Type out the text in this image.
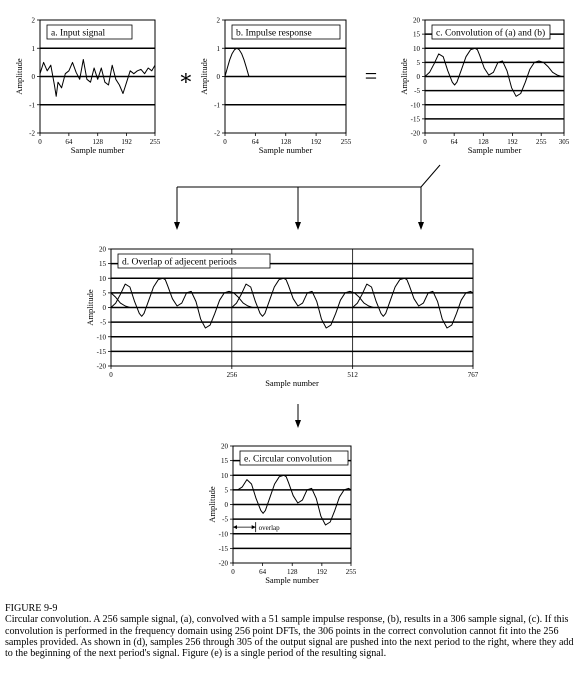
-2
-1
0
1
2
0	64	128	192	255
Sample number
Amplitude
a. Input signal
-2
-1
0
1
2
0	64	128	192	255
Sample number
Amplitude
b. Impulse response
-20
-15
-10
-5
0
5
10
15
20
0	64	128	192	255 305
Sample number
Amplitude
c. Convolution of (a) and (b)
-20
-15
-10
-5
0
5
10
15
20
0	256	512	767
Sample number
Amplitude
d. Overlap of adjecent periods
-20
-15
-10
-5
0
5
10
15
20
0	64	128	192	255
Sample number
Amplitude
e. Circular convolution
overlap
∗	=
FIGURE 9-9
Circular convolution. A 256 sample signal, (a), convolved with a 51 sample impulse response, (b), results in a 306 sample signal, (c). If this convolution is performed in the frequency domain using 256 point DFTs, the 306 points in the correct convolution cannot fit into the 256 samples provided. As shown in (d), samples 256 through 305 of the output signal are pushed into the next period to the right, where they add to the beginning of the next period's signal. Figure (e) is a single period of the resulting signal.
